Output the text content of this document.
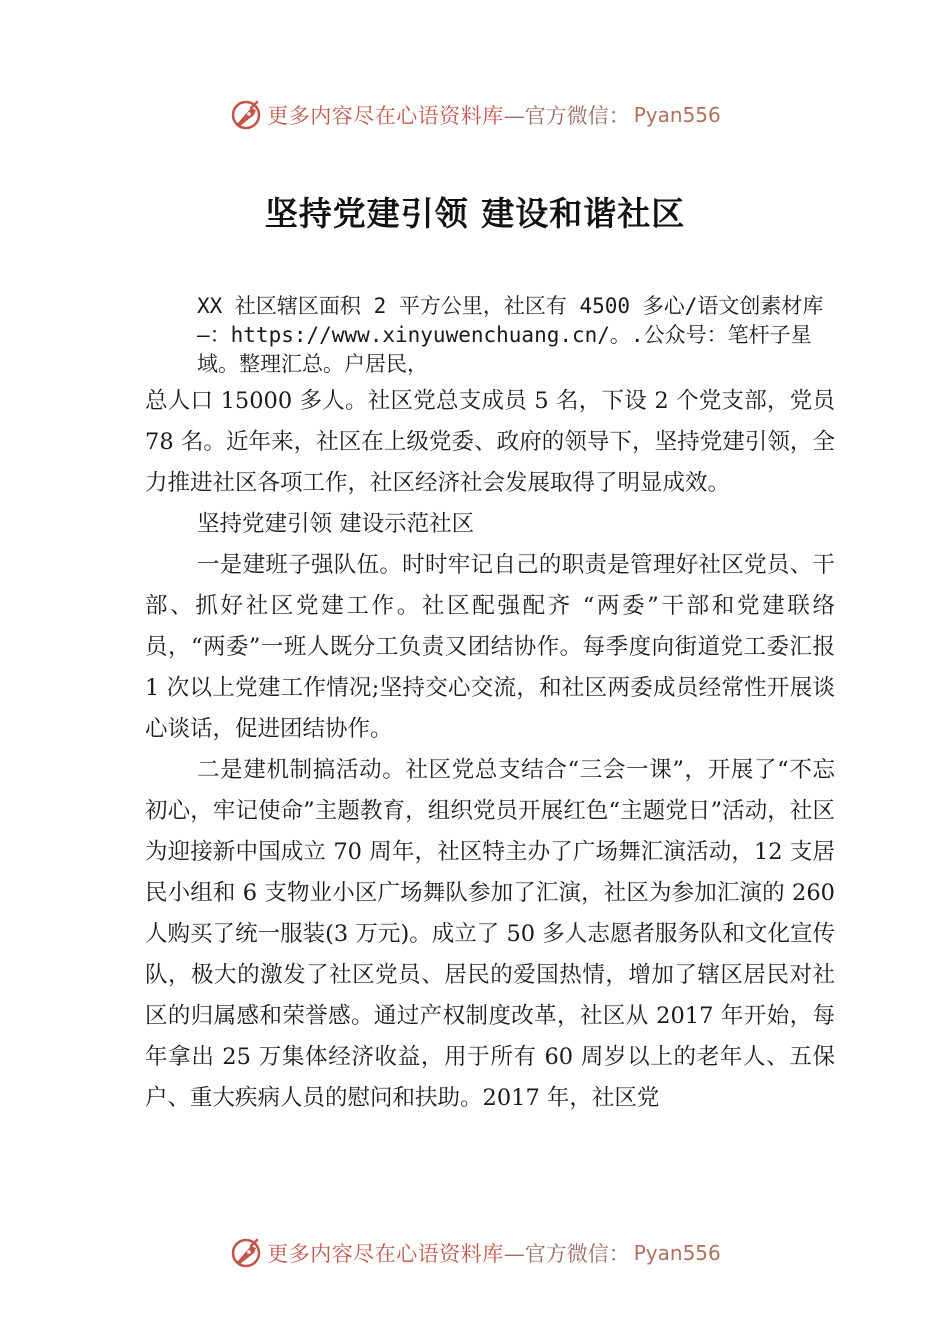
更多内容尽在心语资料库 —官方微信： Pyan556
坚持党建引领 建设和谐社区
XX 社区辖区面积 2 平方公里，社区有 4500 多心/语文创素材库—：https://www.xinyuwenchuang.cn/。.公众号：笔杆子星域。整理汇总。户居民，
总人口 15000 多人。社区党总支成员 5 名，下设 2 个党支部，党员 78 名。近年来，社区在上级党委、政府的领导下，坚持党建引领，全力推进社区各项工作，社区经济社会发展取得了明显成效。
坚持党建引领 建设示范社区
一是建班子强队伍。时时牢记自己的职责是管理好社区党员、干部、抓好社区党建工作。社区配强配齐 “两委”干部和党建联络员，“两委”一班人既分工负责又团结协作。每季度向街道党工委汇报 1 次以上党建工作情况;坚持交心交流，和社区两委成员经常性开展谈心谈话，促进团结协作。
二是建机制搞活动。社区党总支结合“三会一课”，开展了“不忘初心，牢记使命”主题教育，组织党员开展红色“主题党日”活动，社区为迎接新中国成立 70 周年，社区特主办了广场舞汇演活动，12 支居民小组和 6 支物业小区广场舞队参加了汇演，社区为参加汇演的 260 人购买了统一服装(3 万元)。成立了 50 多人志愿者服务队和文化宣传队，极大的激发了社区党员、居民的爱国热情，增加了辖区居民对社区的归属感和荣誉感。通过产权制度改革，社区从 2017 年开始，每年拿出 25 万集体经济收益，用于所有 60 周岁以上的老年人、五保户、重大疾病人员的慰问和扶助。2017 年，社区党
更多内容尽在心语资料库 —官方微信： Pyan556
